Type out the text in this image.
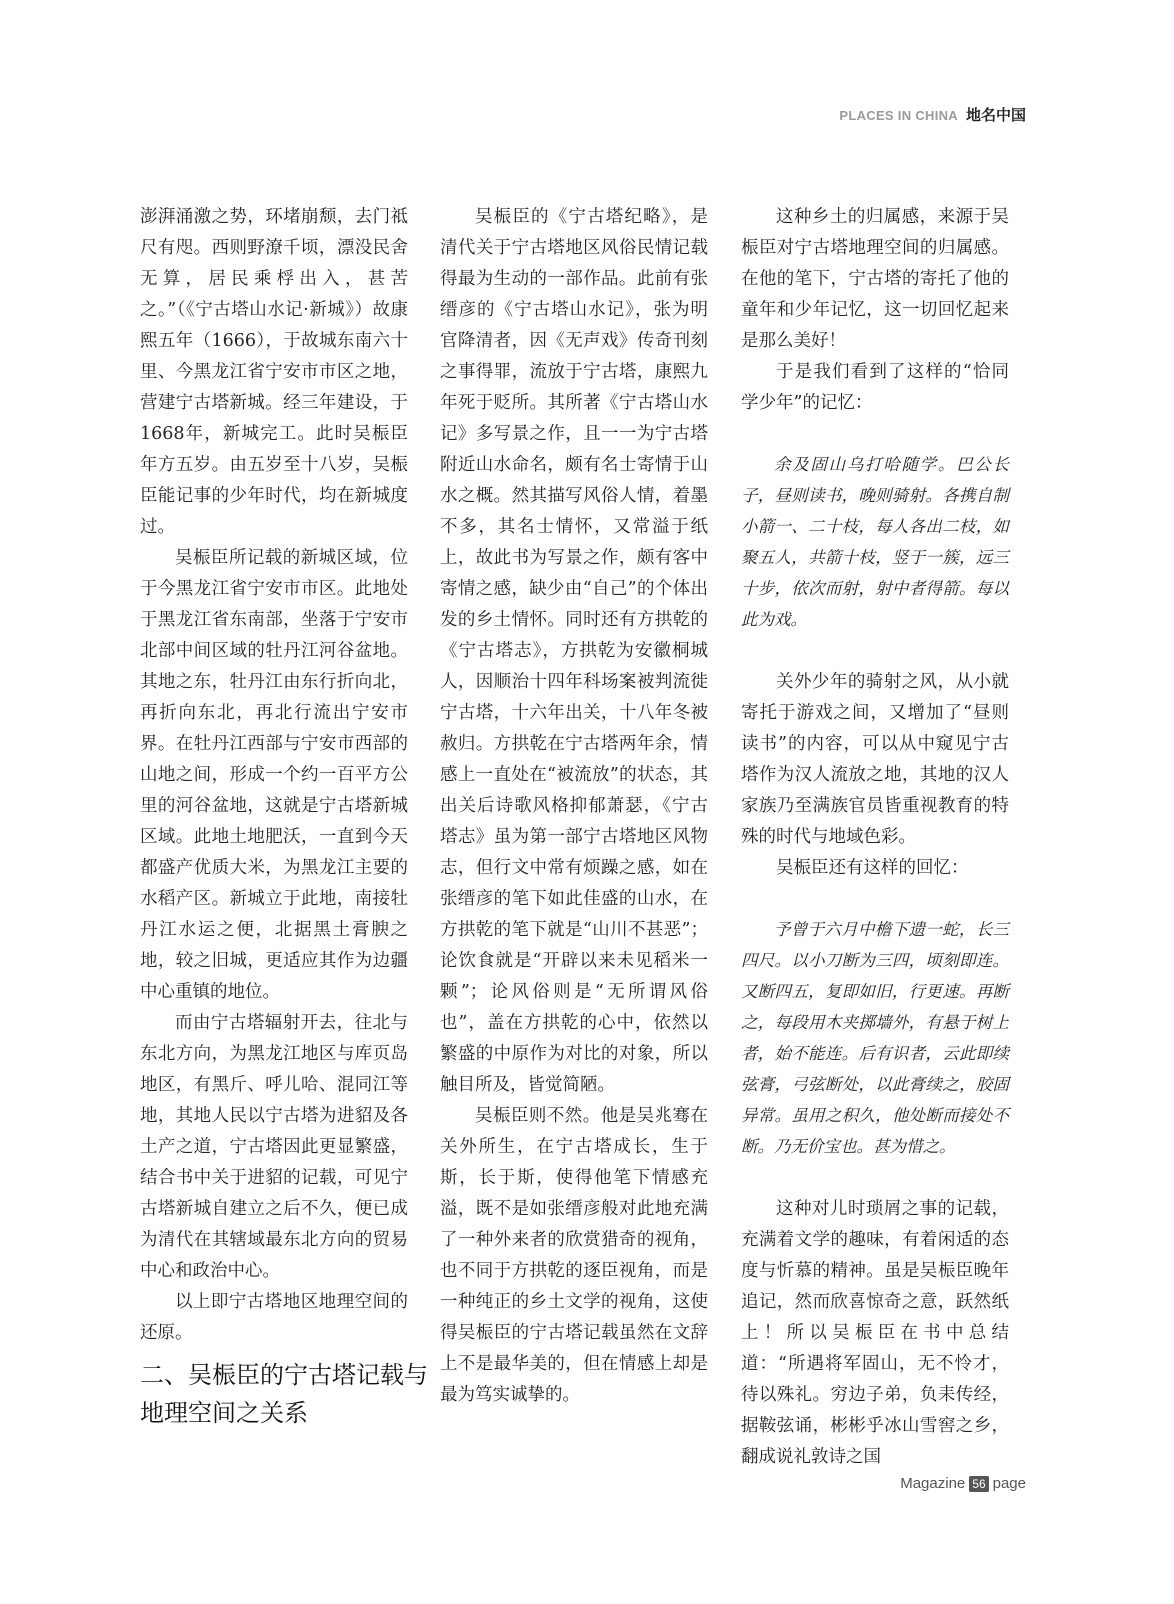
PLACES IN CHINA 地名中国

澎湃涌激之势，环堵崩颓，去门祗尺有咫。西则野潦千顷，漂没民舍无算，居民乘桴出入，甚苦之。”（《宁古塔山水记·新城》）故康熙五年（1666），于故城东南六十里、今黑龙江省宁安市市区之地，营建宁古塔新城。经三年建设，于1668年，新城完工。此时吴桭臣年方五岁。由五岁至十八岁，吴桭臣能记事的少年时代，均在新城度过。

吴桭臣所记载的新城区域，位于今黑龙江省宁安市市区。此地处于黑龙江省东南部，坐落于宁安市北部中间区域的牡丹江河谷盆地。其地之东，牡丹江由东行折向北，再折向东北，再北行流出宁安市界。在牡丹江西部与宁安市西部的山地之间，形成一个约一百平方公里的河谷盆地，这就是宁古塔新城区域。此地土地肥沃，一直到今天都盛产优质大米，为黑龙江主要的水稻产区。新城立于此地，南接牡丹江水运之便，北据黑土膏腴之地，较之旧城，更适应其作为边疆中心重镇的地位。

而由宁古塔辐射开去，往北与东北方向，为黑龙江地区与库页岛地区，有黑斤、呼儿哈、混同江等地，其地人民以宁古塔为进貂及各土产之道，宁古塔因此更显繁盛，结合书中关于进貂的记载，可见宁古塔新城自建立之后不久，便已成为清代在其辖域最东北方向的贸易中心和政治中心。

以上即宁古塔地区地理空间的还原。

二、吴桭臣的宁古塔记载与地理空间之关系

吴桭臣的《宁古塔纪略》，是清代关于宁古塔地区风俗民情记载得最为生动的一部作品。此前有张缙彦的《宁古塔山水记》，张为明官降清者，因《无声戏》传奇刊刻之事得罪，流放于宁古塔，康熙九年死于贬所。其所著《宁古塔山水记》多写景之作，且一一为宁古塔附近山水命名，颇有名士寄情于山水之概。然其描写风俗人情，着墨不多，其名士情怀，又常溢于纸上，故此书为写景之作，颇有客中寄情之感，缺少由“自己”的个体出发的乡土情怀。同时还有方拱乾的《宁古塔志》，方拱乾为安徽桐城人，因顺治十四年科场案被判流徙宁古塔，十六年出关，十八年冬被赦归。方拱乾在宁古塔两年余，情感上一直处在“被流放”的状态，其出关后诗歌风格抑郁萧瑟，《宁古塔志》虽为第一部宁古塔地区风物志，但行文中常有烦躁之感，如在张缙彦的笔下如此佳盛的山水，在方拱乾的笔下就是“山川不甚恶”；论饮食就是“开辟以来未见稻米一颗”；论风俗则是“无所谓风俗也”，盖在方拱乾的心中，依然以繁盛的中原作为对比的对象，所以触目所及，皆觉简陋。

吴桭臣则不然。他是吴兆骞在关外所生，在宁古塔成长，生于斯，长于斯，使得他笔下情感充溢，既不是如张缙彦般对此地充满了一种外来者的欣赏猎奇的视角，也不同于方拱乾的逐臣视角，而是一种纯正的乡土文学的视角，这使得吴桭臣的宁古塔记载虽然在文辞上不是最华美的，但在情感上却是最为笃实诚挚的。

这种乡土的归属感，来源于吴桭臣对宁古塔地理空间的归属感。在他的笔下，宁古塔的寄托了他的童年和少年记忆，这一切回忆起来是那么美好！

于是我们看到了这样的“恰同学少年”的记忆：

余及固山乌打哈随学。巴公长子，昼则读书，晚则骑射。各携自制小箭一、二十枝，每人各出二枝，如聚五人，共箭十枝，竖于一簇，远三十步，依次而射，射中者得箭。每以此为戏。

关外少年的骑射之风，从小就寄托于游戏之间，又增加了“昼则读书”的内容，可以从中窥见宁古塔作为汉人流放之地，其地的汉人家族乃至满族官员皆重视教育的特殊的时代与地域色彩。

吴桭臣还有这样的回忆：

予曾于六月中檐下遗一蛇，长三四尺。以小刀断为三四，顷刻即连。又断四五，复即如旧，行更速。再断之，每段用木夹掷墙外，有悬于树上者，始不能连。后有识者，云此即续弦膏，弓弦断处，以此膏续之，胶固异常。虽用之积久，他处断而接处不断。乃无价宝也。甚为惜之。

这种对儿时琐屑之事的记载，充满着文学的趣味，有着闲适的态度与忻慕的精神。虽是吴桭臣晚年追记，然而欣喜惊奇之意，跃然纸上！所以吴桭臣在书中总结道：“所遇将军固山，无不怜才，待以殊礼。穷边子弟，负耒传经，据鞍弦诵，彬彬乎冰山雪窖之乡，翻成说礼敦诗之国

Magazine 56 page
